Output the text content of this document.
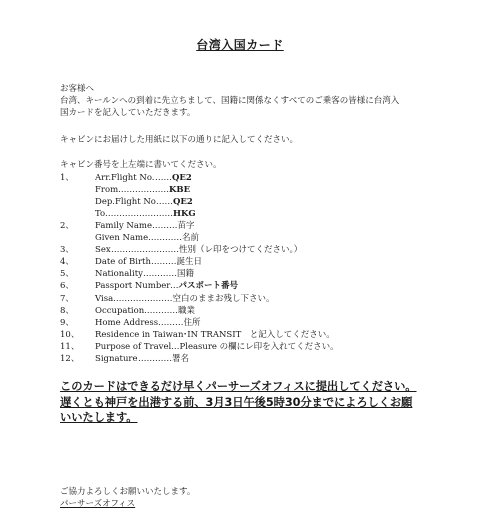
台湾入国カード
お客様へ
台湾、キールンへの到着に先立ちまして、国籍に関係なくすべてのご乗客の皆様に台湾入

国カードを記入していただきます。

キャビンにお届けした用紙に以下の通りに記入してください。

キャビン番号を上左端に書いてください。
1、	Arr.Flight No. ……QE2
From ………………KBE
Dep.Flight No ……QE2
To ……………………HKG
2、	Family Name ………苗字
Given Name …………名前
3、	Sex ……………………性別（レ印をつけてください。）
4、	Date of Birth ………誕生日
5、	Nationality …………国籍
6、	Passport Number …パスポート番号
7、	Visa …………………空白のままお残し下さい。
8、	Occupation …………職業
9、	Home Address ………住所
10、	Residence in Taiwan ･IN TRANSIT　と記入してください。
11、	Purpose of Travel …Pleasure の欄にレ印を入れてください。
12、	Signature …………署名
このカードはできるだけ早くパーサーズオフィスに提出してください。遅くとも神戸を出港する前、3月3日午後5時30分までによろしくお願いいたします。
ご協力よろしくお願いいたします。
パーサーズオフィス
